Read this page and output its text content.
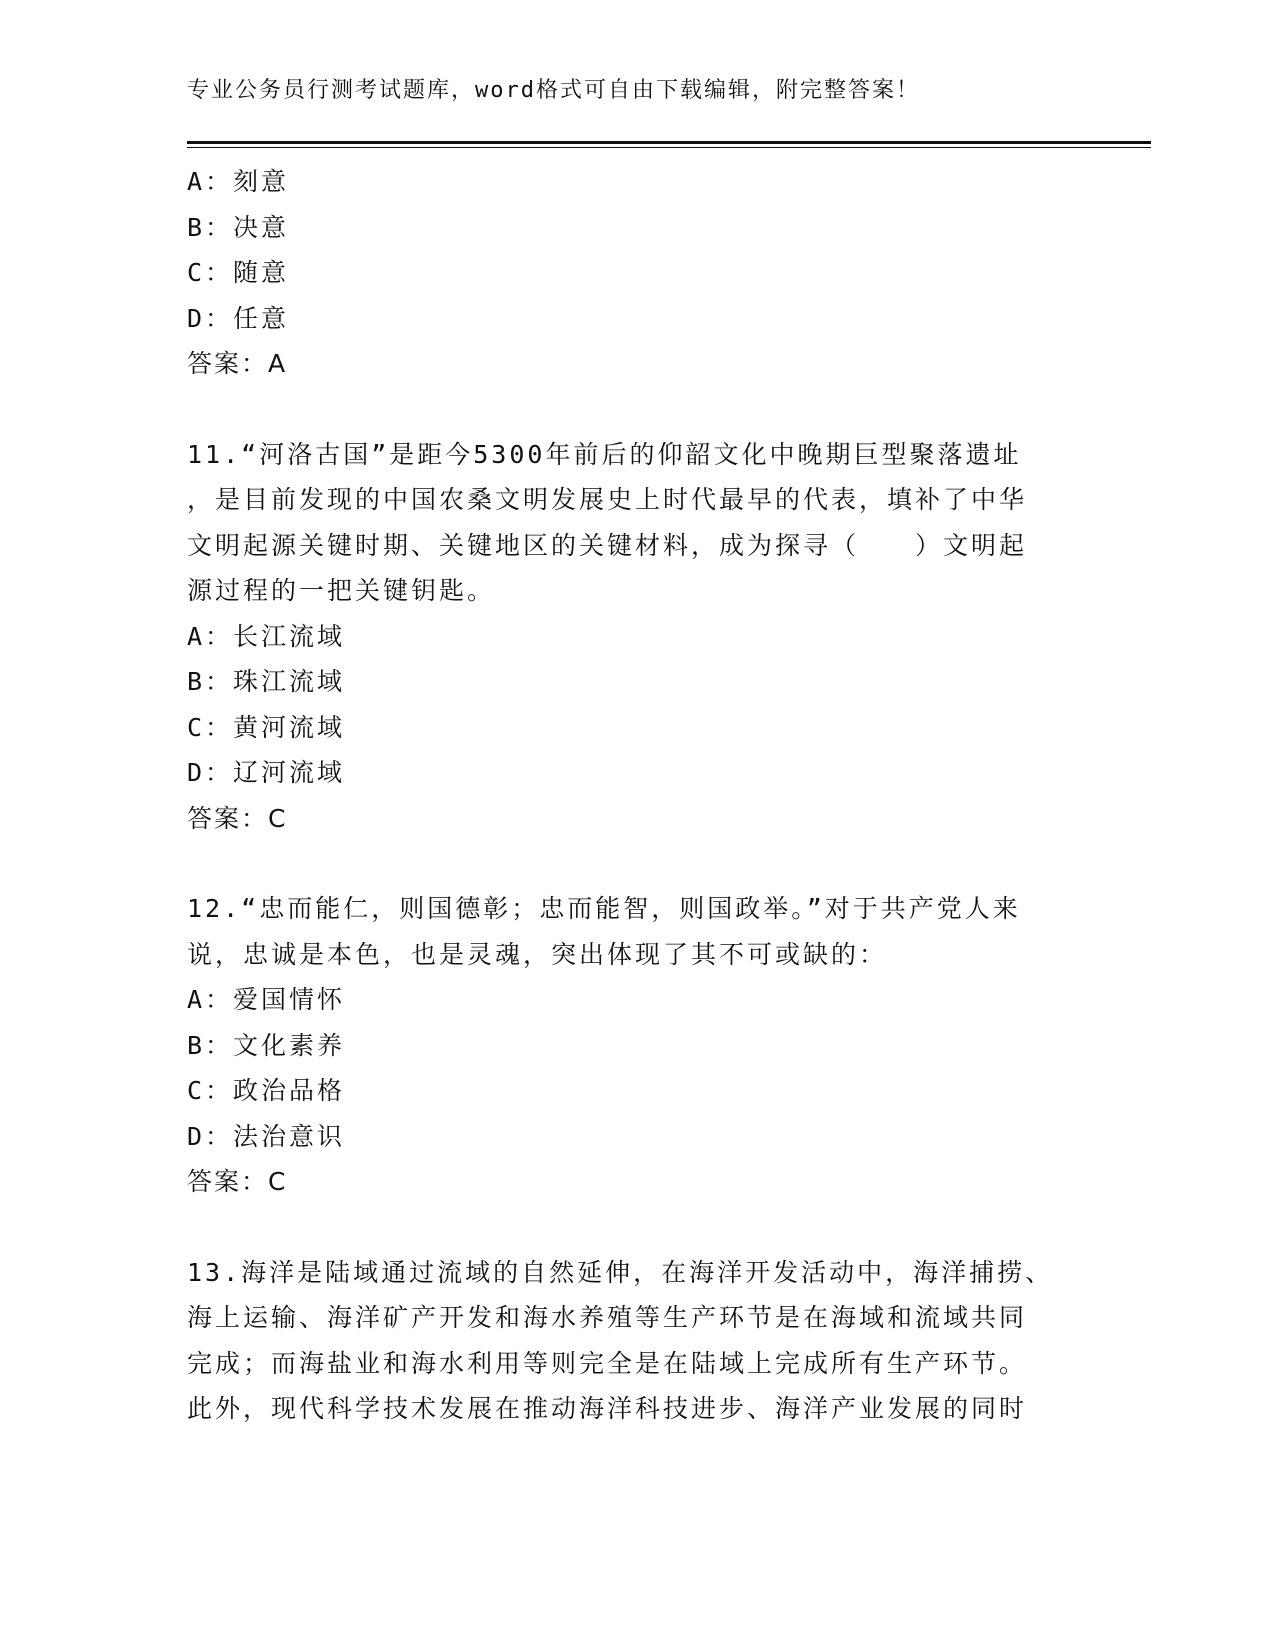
专业公务员行测考试题库，word格式可自由下载编辑，附完整答案！
A：刻意
B：决意
C：随意
D：任意
答案：A
11.“河洛古国”是距今5300年前后的仰韶文化中晚期巨型聚落遗址
，是目前发现的中国农桑文明发展史上时代最早的代表，填补了中华
文明起源关键时期、关键地区的关键材料，成为探寻（　　）文明起
源过程的一把关键钥匙。
A：长江流域
B：珠江流域
C：黄河流域
D：辽河流域
答案：C
12.“忠而能仁，则国德彰；忠而能智，则国政举。”对于共产党人来
说，忠诚是本色，也是灵魂，突出体现了其不可或缺的：
A：爱国情怀
B：文化素养
C：政治品格
D：法治意识
答案：C
13.海洋是陆域通过流域的自然延伸，在海洋开发活动中，海洋捕捞、
海上运输、海洋矿产开发和海水养殖等生产环节是在海域和流域共同
完成；而海盐业和海水利用等则完全是在陆域上完成所有生产环节。
此外，现代科学技术发展在推动海洋科技进步、海洋产业发展的同时
